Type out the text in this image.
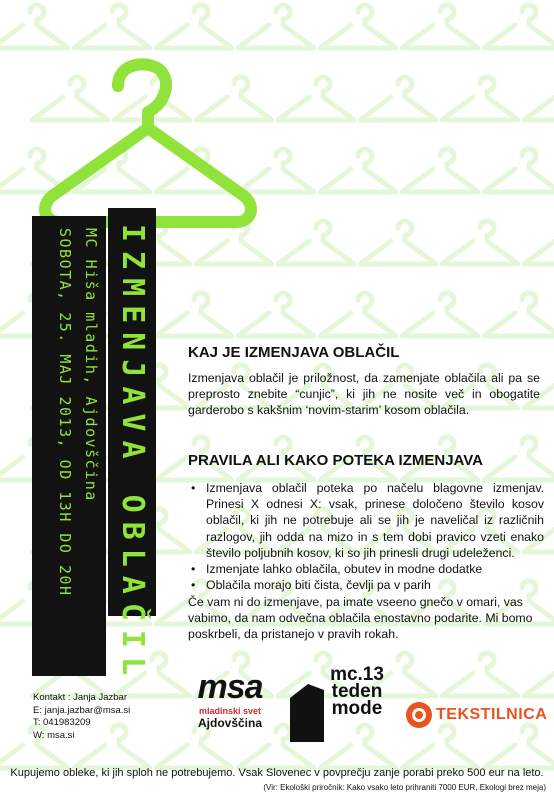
IZMENJAVA OBLAČIL
MC Hiša mladih, Ajdovščina
SOBOTA, 25. MAJ 2013, OD 13H DO 20H	KAJ JE IZMENJAVA OBLAČIL

Izmenjava oblačil je priložnost, da zamenjate oblačila ali pa se preprosto znebite “cunjic”, ki jih ne nosite več in obogatite garderobo s kakšnim ‘novim-starim’ kosom oblačila.

PRAVILA ALI KAKO POTEKA IZMENJAVA
• Izmenjava oblačil poteka po načelu blagovne izmenjav. Prinesi X odnesi X: vsak, prinese določeno število kosov oblačil, ki jih ne potrebuje ali se jih je naveličal iz različnih razlogov, jih odda na mizo in s tem dobi pravico vzeti enako število poljubnih kosov, ki so jih prinesli drugi udeleženci.
• Izmenjate lahko oblačila, obutev in modne dodatke
• Oblačila morajo biti čista, čevlji pa v parih

Če vam ni do izmenjave, pa imate vseeno gnečo v omari, vas vabimo, da nam odvečna oblačila enostavno podarite. Mi bomo poskrbeli, da pristanejo v pravih rokah.

Kontakt : Janja Jazbar
E: janja.jazbar@msa.si
T: 041983209
W: msa.si
msa
mladinski svet
Ajdovščina
mc.13 teden mode	TEKSTILNICA
Kupujemo obleke, ki jih sploh ne potrebujemo. Vsak Slovenec v povprečju zanje porabi preko 500 eur na leto.
(Vir: Ekološki priročnik: Kako vsako leto prihraniti 7000 EUR, Ekologi brez meja)
